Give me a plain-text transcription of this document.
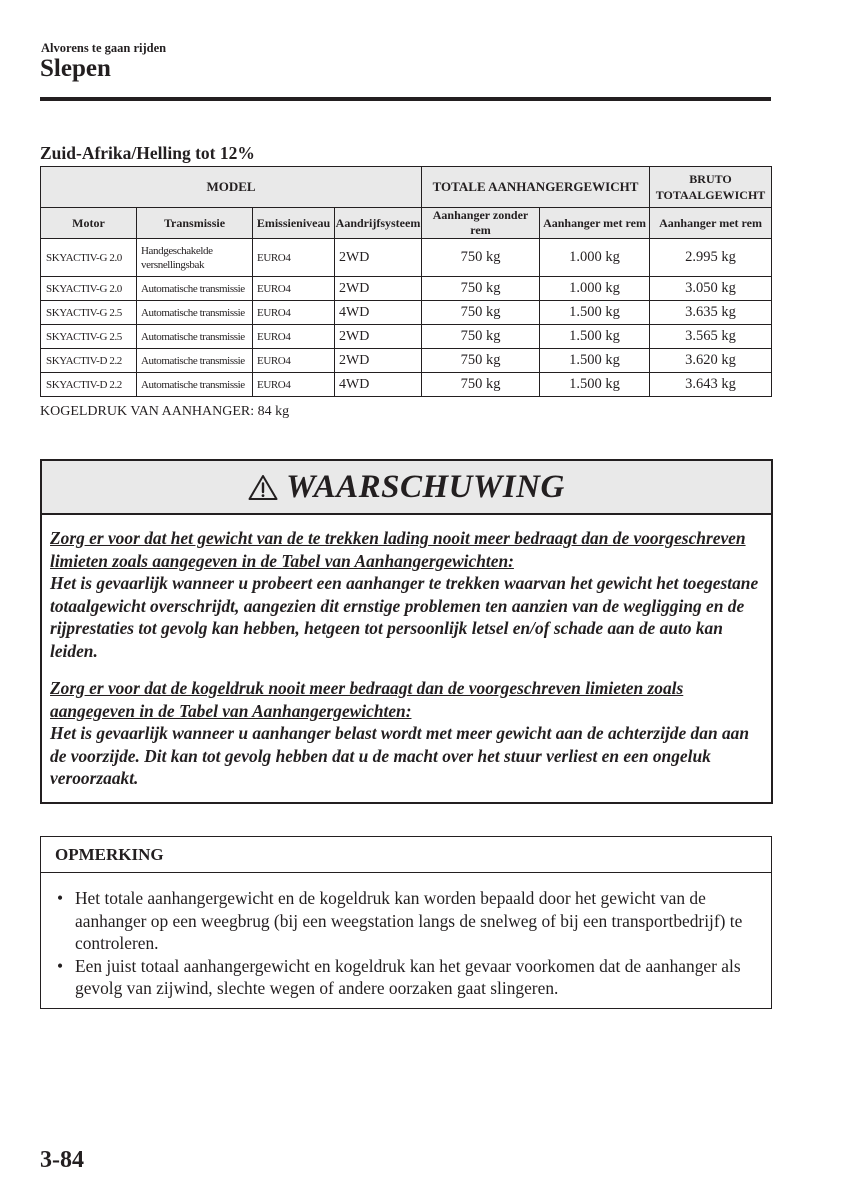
Alvorens te gaan rijden
Slepen
Zuid-Afrika/Helling tot 12%
MODEL				TOTALE AANHANGERGEWICHT		BRUTO
TOTAALGEWICHT
Motor	Transmissie	Emissieniveau	Aandrijfsysteem	Aanhanger zonder rem	Aanhanger met rem	Aanhanger met rem
SKYACTIV-G 2.0	Handgeschakelde versnellingsbak	EURO4	2WD	750 kg	1.000 kg	2.995 kg
SKYACTIV-G 2.0	Automatische transmissie	EURO4	2WD	750 kg	1.000 kg	3.050 kg
SKYACTIV-G 2.5	Automatische transmissie	EURO4	4WD	750 kg	1.500 kg	3.635 kg
SKYACTIV-G 2.5	Automatische transmissie	EURO4	2WD	750 kg	1.500 kg	3.565 kg
SKYACTIV-D 2.2	Automatische transmissie	EURO4	2WD	750 kg	1.500 kg	3.620 kg
SKYACTIV-D 2.2	Automatische transmissie	EURO4	4WD	750 kg	1.500 kg	3.643 kg
KOGELDRUK VAN AANHANGER: 84 kg
WAARSCHUWING

Zorg er voor dat het gewicht van de te trekken lading nooit meer bedraagt dan de voorgeschreven limieten zoals aangegeven in de Tabel van Aanhangergewichten:
Het is gevaarlijk wanneer u probeert een aanhanger te trekken waarvan het gewicht het toegestane totaalgewicht overschrijdt, aangezien dit ernstige problemen ten aanzien van de wegligging en de rijprestaties tot gevolg kan hebben, hetgeen tot persoonlijk letsel en/of schade aan de auto kan leiden.

Zorg er voor dat de kogeldruk nooit meer bedraagt dan de voorgeschreven limieten zoals aangegeven in de Tabel van Aanhangergewichten:
Het is gevaarlijk wanneer u aanhanger belast wordt met meer gewicht aan de achterzijde dan aan de voorzijde. Dit kan tot gevolg hebben dat u de macht over het stuur verliest en een ongeluk veroorzaakt.

OPMERKING
• Het totale aanhangergewicht en de kogeldruk kan worden bepaald door het gewicht van de aanhanger op een weegbrug (bij een weegstation langs de snelweg of bij een transportbedrijf) te controleren.
• Een juist totaal aanhangergewicht en kogeldruk kan het gevaar voorkomen dat de aanhanger als gevolg van zijwind, slechte wegen of andere oorzaken gaat slingeren.
3-84
